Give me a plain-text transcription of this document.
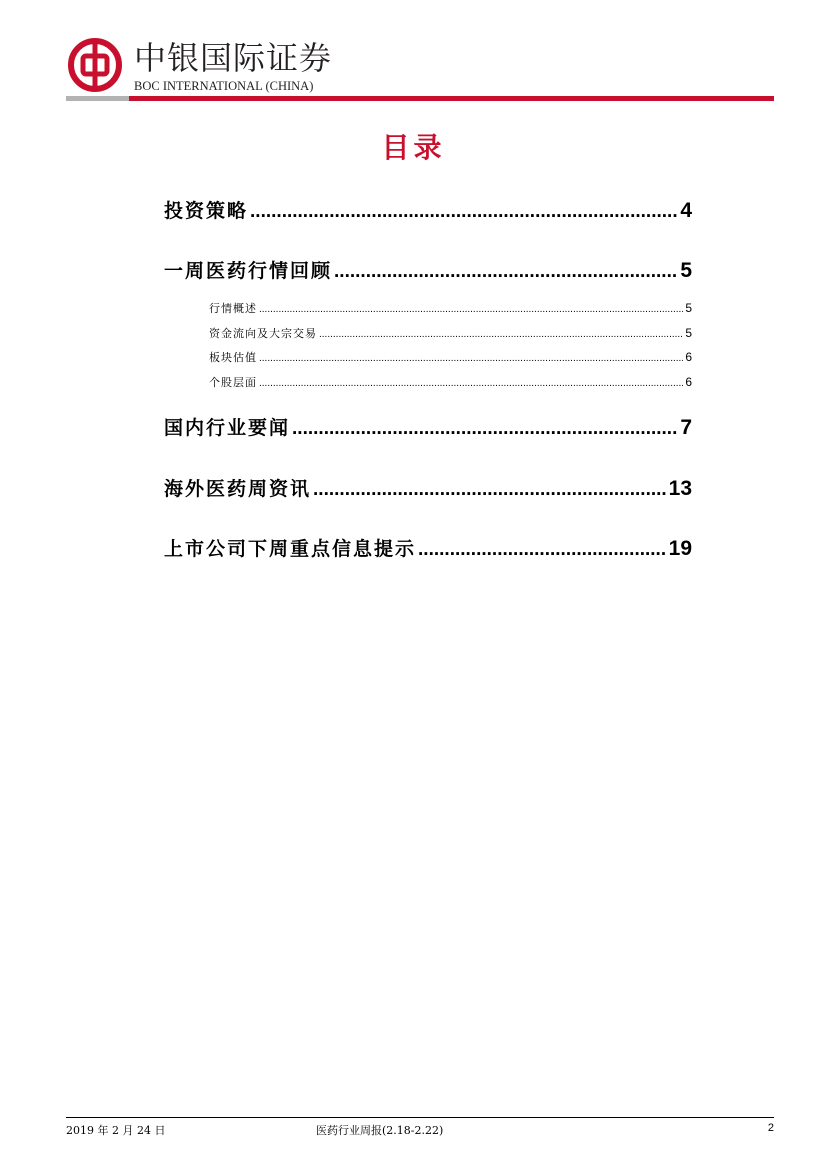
中银国际证券
BOC INTERNATIONAL (CHINA)
目录
投资策略 .....	4
一周医药行情回顾 .....	5
行情概述 .....	5
资金流向及大宗交易 .....	5
板块估值 .....	6
个股层面 .....	6
国内行业要闻 .....	7
海外医药周资讯 .....	13
上市公司下周重点信息提示 .....	19
2019 年 2 月 24 日	医药行业周报(2.18-2.22)	2
